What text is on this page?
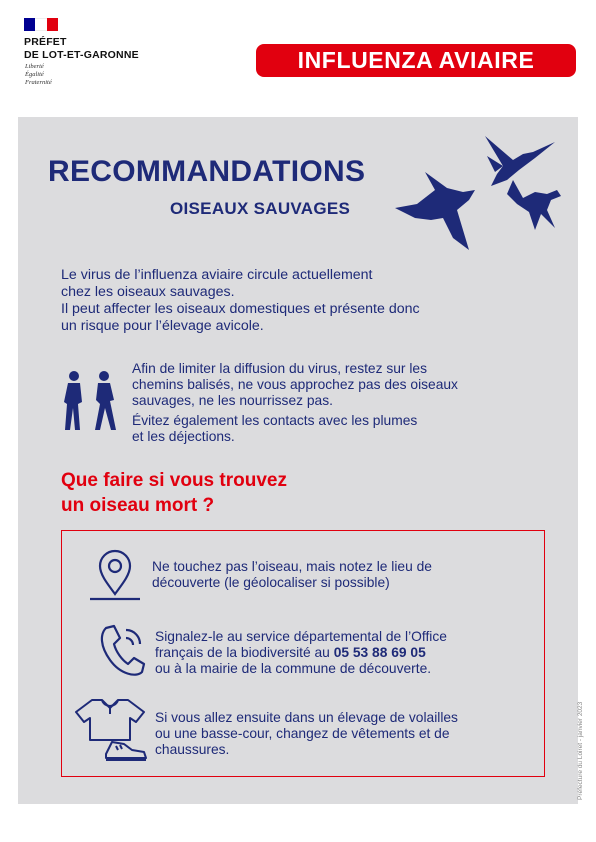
PRÉFET
DE LOT-ET-GARONNE
Liberté
Égalité
Fraternité
INFLUENZA AVIAIRE
RECOMMANDATIONS
OISEAUX SAUVAGES
Le virus de l’influenza aviaire circule actuellement
chez les oiseaux sauvages.
Il peut affecter les oiseaux domestiques et présente donc
un risque pour l’élevage avicole.
Afin de limiter la diffusion du virus, restez sur les
chemins balisés, ne vous approchez pas des oiseaux
sauvages, ne les nourrissez pas.
Évitez également les contacts avec les plumes
et les déjections.
Que faire si vous trouvez
un oiseau mort ?
Ne touchez pas l’oiseau, mais notez le lieu de
découverte (le géolocaliser si possible)
Signalez-le au service départemental de l’Office
français de la biodiversité au 05 53 88 69 05
ou à la mairie de la commune de découverte.
Si vous allez ensuite dans un élevage de volailles
ou une basse-cour, changez de vêtements et de
chaussures.	Préfecture du Loiret - janvier 2023
